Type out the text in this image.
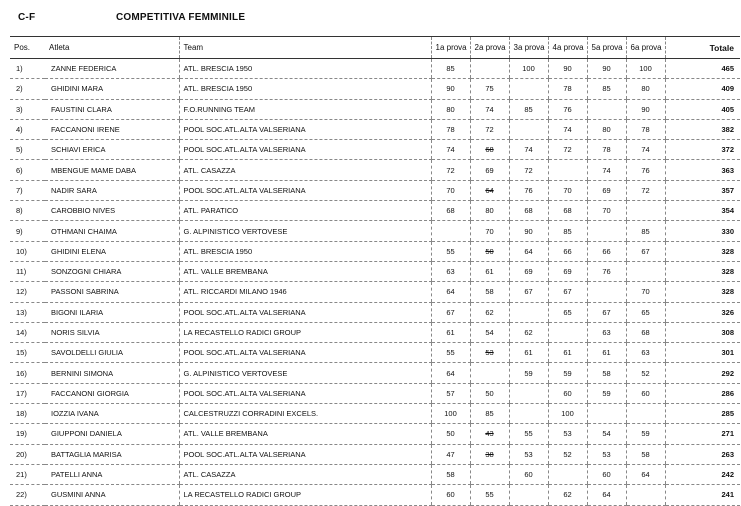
C-F	COMPETITIVA FEMMINILE
Pos.	Atleta	Team	1a prova	2a prova	3a prova	4a prova	5a prova	6a prova	Totale
1)	ZANNE FEDERICA	ATL. BRESCIA 1950	85		100	90	90	100	465
2)	GHIDINI MARA	ATL. BRESCIA 1950	90	75		78	85	80	409
3)	FAUSTINI CLARA	F.O.RUNNING TEAM	80	74	85	76		90	405
4)	FACCANONI IRENE	POOL SOC.ATL.ALTA VALSERIANA	78	72		74	80	78	382
5)	SCHIAVI ERICA	POOL SOC.ATL.ALTA VALSERIANA	74	68	74	72	78	74	372
6)	MBENGUE MAME DABA	ATL. CASAZZA	72	69	72		74	76	363
7)	NADIR SARA	POOL SOC.ATL.ALTA VALSERIANA	70	64	76	70	69	72	357
8)	CAROBBIO NIVES	ATL. PARATICO	68	80	68	68	70		354
9)	OTHMANI CHAIMA	G. ALPINISTICO VERTOVESE		70	90	85		85	330
10)	GHIDINI ELENA	ATL. BRESCIA 1950	55	50	64	66	66	67	328
11)	SONZOGNI CHIARA	ATL. VALLE BREMBANA	63	61	69	69	76		328
12)	PASSONI SABRINA	ATL. RICCARDI MILANO 1946	64	58	67	67		70	328
13)	BIGONI ILARIA	POOL SOC.ATL.ALTA VALSERIANA	67	62		65	67	65	326
14)	NORIS SILVIA	LA RECASTELLO RADICI GROUP	61	54	62		63	68	308
15)	SAVOLDELLI GIULIA	POOL SOC.ATL.ALTA VALSERIANA	55	53	61	61	61	63	301
16)	BERNINI SIMONA	G. ALPINISTICO VERTOVESE	64		59	59	58	52	292
17)	FACCANONI GIORGIA	POOL SOC.ATL.ALTA VALSERIANA	57	50		60	59	60	286
18)	IOZZIA IVANA	CALCESTRUZZI CORRADINI EXCELS.	100	85		100			285
19)	GIUPPONI DANIELA	ATL. VALLE BREMBANA	50	43	55	53	54	59	271
20)	BATTAGLIA MARISA	POOL SOC.ATL.ALTA VALSERIANA	47	38	53	52	53	58	263
21)	PATELLI ANNA	ATL. CASAZZA	58		60		60	64	242
22)	GUSMINI ANNA	LA RECASTELLO RADICI GROUP	60	55		62	64		241
